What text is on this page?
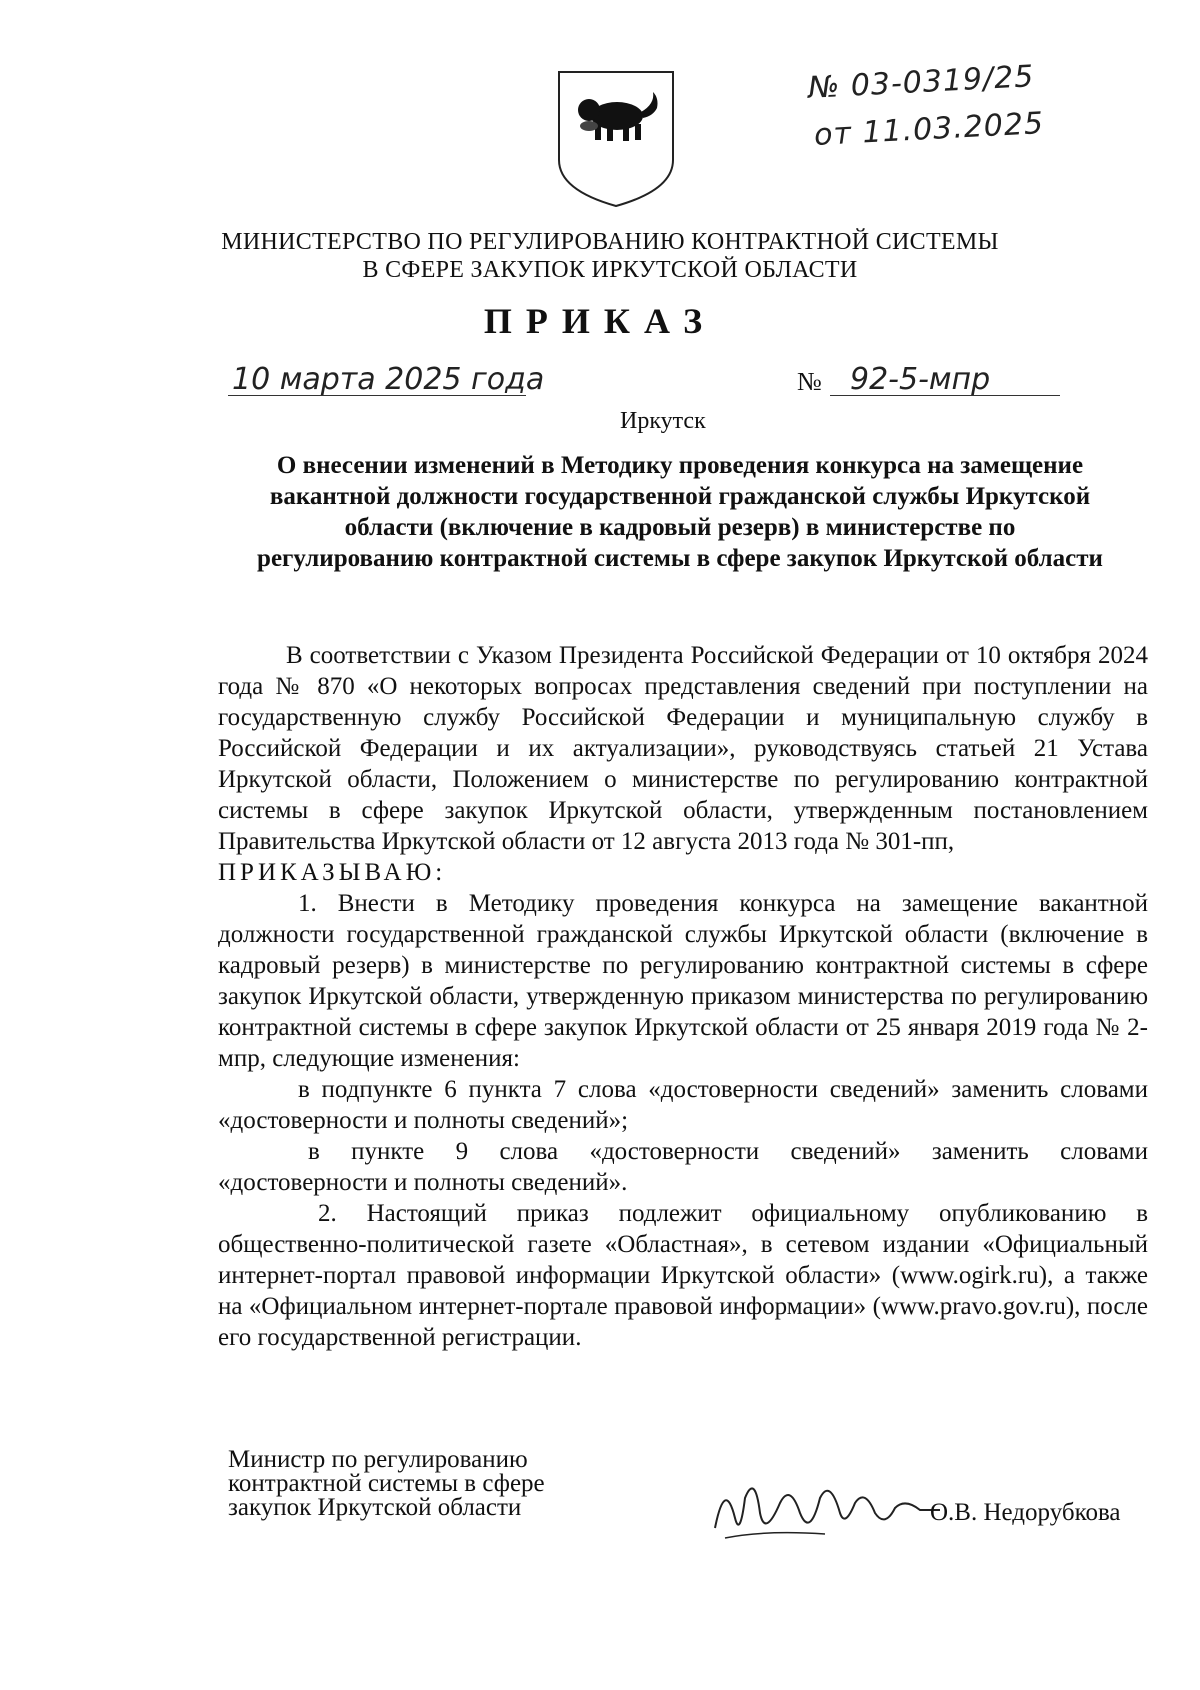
№ 03-0319/25
от 11.03.2025
МИНИСТЕРСТВО ПО РЕГУЛИРОВАНИЮ КОНТРАКТНОЙ СИСТЕМЫ
В СФЕРЕ ЗАКУПОК ИРКУТСКОЙ ОБЛАСТИ
ПРИКАЗ
10 марта 2025 года	№ 92-5-мпр
Иркутск
О внесении изменений в Методику проведения конкурса на замещение
вакантной должности государственной гражданской службы Иркутской
области (включение в кадровый резерв) в министерстве по
регулированию контрактной системы в сфере закупок Иркутской области

В соответствии с Указом Президента Российской Федерации от 10 октября 2024 года № 870 «О некоторых вопросах представления сведений при поступлении на государственную службу Российской Федерации и муниципальную службу в Российской Федерации и их актуализации», руководствуясь статьей 21 Устава Иркутской области, Положением о министерстве по регулированию контрактной системы в сфере закупок Иркутской области, утвержденным постановлением Правительства Иркутской области от 12 августа 2013 года № 301-пп,

ПРИКАЗЫВАЮ:

1. Внести в Методику проведения конкурса на замещение вакантной должности государственной гражданской службы Иркутской области (включение в кадровый резерв) в министерстве по регулированию контрактной системы в сфере закупок Иркутской области, утвержденную приказом министерства по регулированию контрактной системы в сфере закупок Иркутской области от 25 января 2019 года № 2-мпр, следующие изменения:

в подпункте 6 пункта 7 слова «достоверности сведений» заменить словами «достоверности и полноты сведений»;

в пункте 9 слова «достоверности сведений» заменить словами «достоверности и полноты сведений».

2. Настоящий приказ подлежит официальному опубликованию в общественно-политической газете «Областная», в сетевом издании «Официальный интернет-портал правовой информации Иркутской области» (www.ogirk.ru), а также на «Официальном интернет-портале правовой информации» (www.pravo.gov.ru), после его государственной регистрации.

Министр по регулированию
контрактной системы в сфере
закупок Иркутской области	О.В. Недорубкова
